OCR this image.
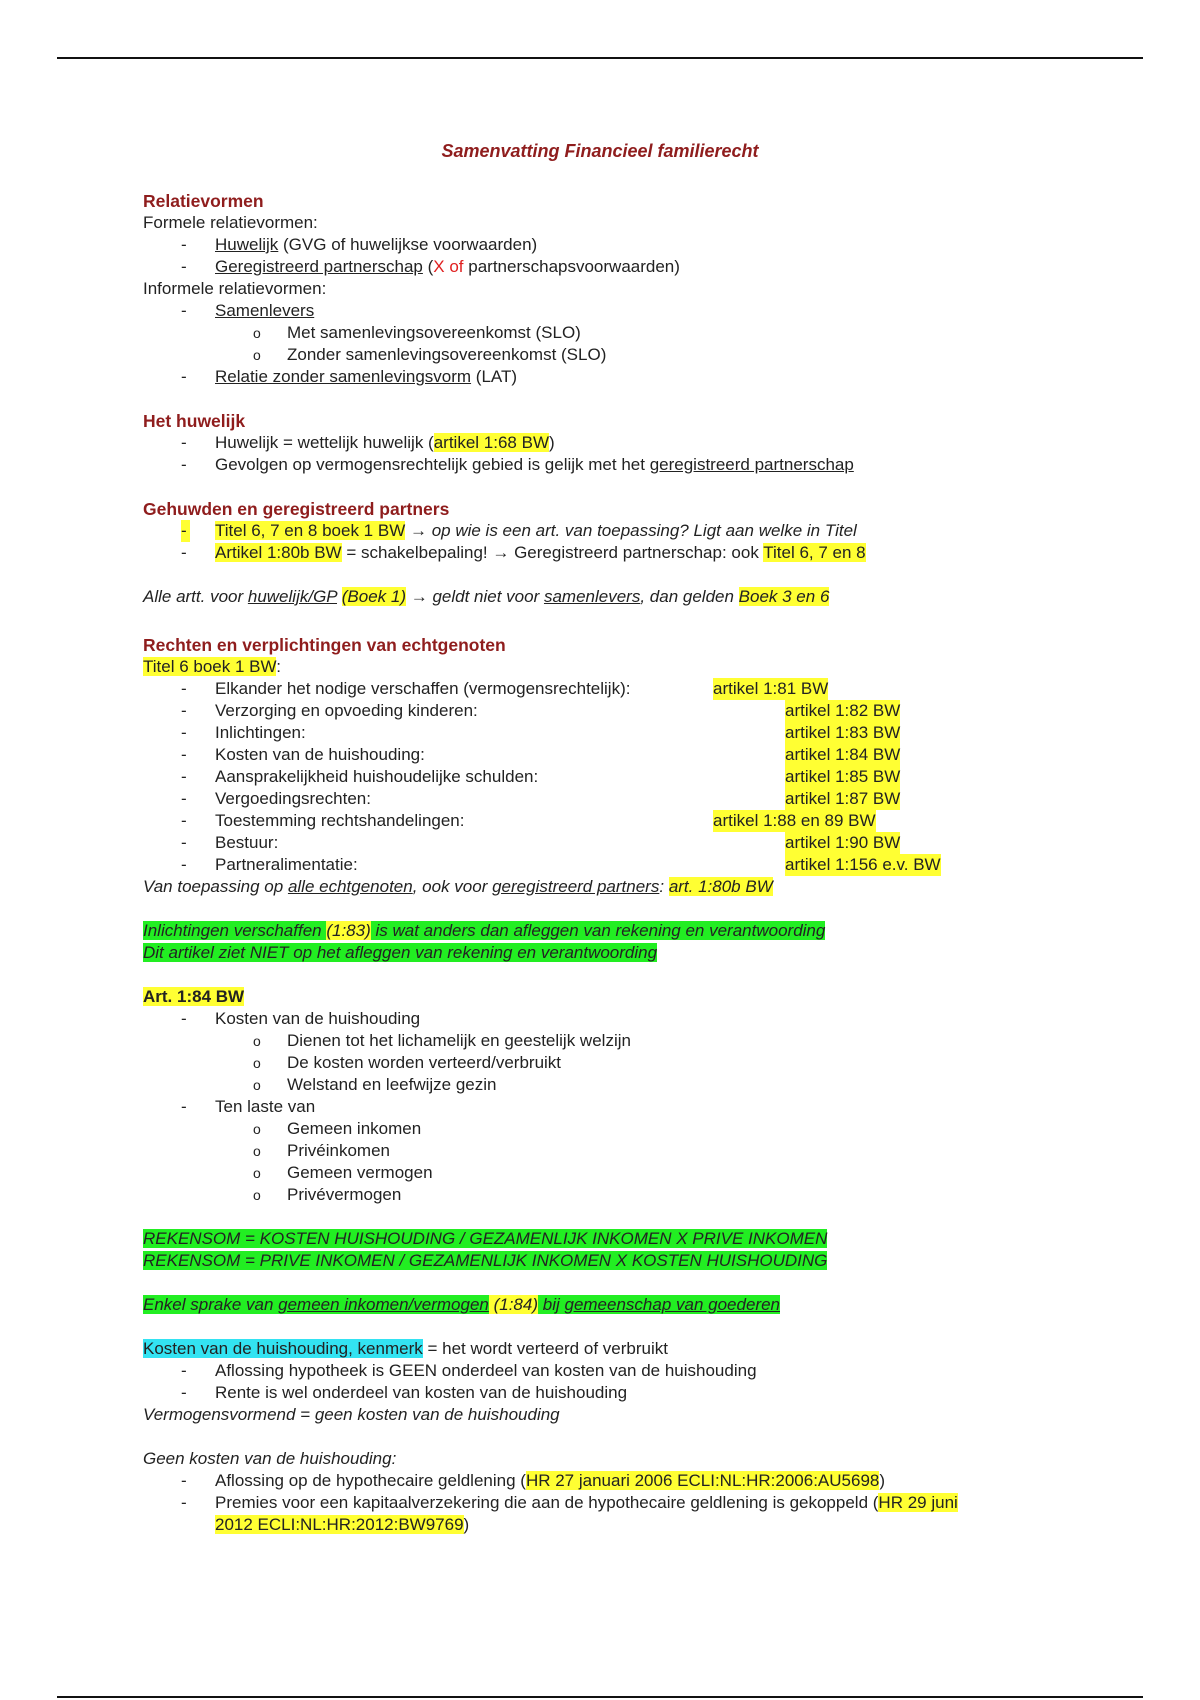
Samenvatting Financieel familierecht
Relatievormen
Formele relatievormen:
- Huwelijk (GVG of huwelijkse voorwaarden)
- Geregistreerd partnerschap (X of partnerschapsvoorwaarden)
Informele relatievormen:
- Samenlevers
o Met samenlevingsovereenkomst (SLO)
o Zonder samenlevingsovereenkomst (SLO)
- Relatie zonder samenlevingsvorm (LAT)
Het huwelijk
- Huwelijk = wettelijk huwelijk (artikel 1:68 BW)
- Gevolgen op vermogensrechtelijk gebied is gelijk met het geregistreerd partnerschap
Gehuwden en geregistreerd partners
- Titel 6, 7 en 8 boek 1 BW → op wie is een art. van toepassing? Ligt aan welke in Titel
- Artikel 1:80b BW = schakelbepaling! → Geregistreerd partnerschap: ook Titel 6, 7 en 8
Alle artt. voor huwelijk/GP (Boek 1) → geldt niet voor samenlevers, dan gelden Boek 3 en 6
Rechten en verplichtingen van echtgenoten
Titel 6 boek 1 BW:
- Elkander het nodige verschaffen (vermogensrechtelijk):	artikel 1:81 BW
- Verzorging en opvoeding kinderen:	artikel 1:82 BW
- Inlichtingen:	artikel 1:83 BW
- Kosten van de huishouding:	artikel 1:84 BW
- Aansprakelijkheid huishoudelijke schulden:	artikel 1:85 BW
- Vergoedingsrechten:	artikel 1:87 BW
- Toestemming rechtshandelingen:	artikel 1:88 en 89 BW
- Bestuur:	artikel 1:90 BW
- Partneralimentatie:	artikel 1:156 e.v. BW
Van toepassing op alle echtgenoten, ook voor geregistreerd partners: art. 1:80b BW
Inlichtingen verschaffen (1:83) is wat anders dan afleggen van rekening en verantwoording
Dit artikel ziet NIET op het afleggen van rekening en verantwoording
Art. 1:84 BW
- Kosten van de huishouding
o Dienen tot het lichamelijk en geestelijk welzijn
o De kosten worden verteerd/verbruikt
o Welstand en leefwijze gezin
- Ten laste van
o Gemeen inkomen
o Privéinkomen
o Gemeen vermogen
o Privévermogen
REKENSOM = KOSTEN HUISHOUDING / GEZAMENLIJK INKOMEN X PRIVE INKOMEN
REKENSOM = PRIVE INKOMEN / GEZAMENLIJK INKOMEN X KOSTEN HUISHOUDING
Enkel sprake van gemeen inkomen/vermogen (1:84) bij gemeenschap van goederen
Kosten van de huishouding, kenmerk = het wordt verteerd of verbruikt
- Aflossing hypotheek is GEEN onderdeel van kosten van de huishouding
- Rente is wel onderdeel van kosten van de huishouding
Vermogensvormend = geen kosten van de huishouding
Geen kosten van de huishouding:
- Aflossing op de hypothecaire geldlening (HR 27 januari 2006 ECLI:NL:HR:2006:AU5698)
- Premies voor een kapitaalverzekering die aan de hypothecaire geldlening is gekoppeld (HR 29 juni
2012 ECLI:NL:HR:2012:BW9769)
